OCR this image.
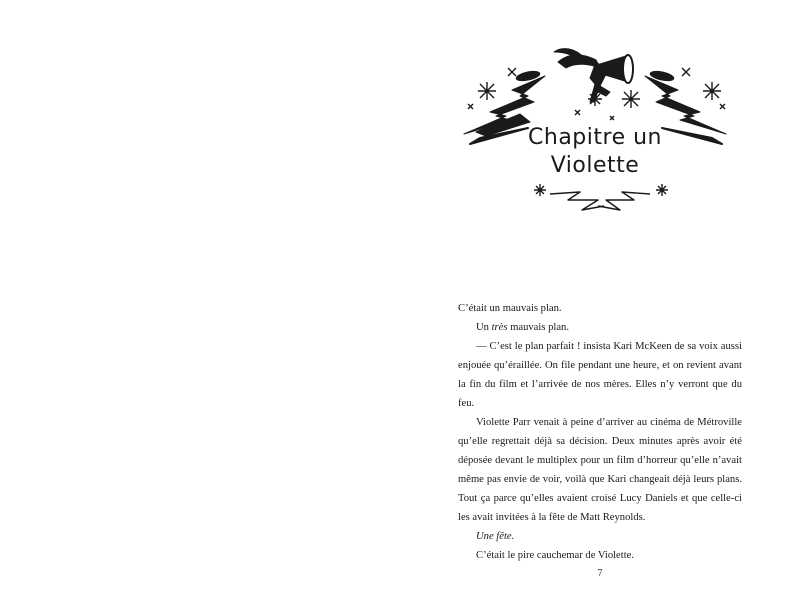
Chapitre un
Violette

C’était un mauvais plan.

Un très mauvais plan.

— C’est le plan parfait ! insista Kari McKeen de sa voix aussi enjouée qu’éraillée. On file pendant une heure, et on revient avant la fin du film et l’arrivée de nos mères. Elles n’y verront que du feu.

Violette Parr venait à peine d’arriver au cinéma de Métroville qu’elle regrettait déjà sa décision. Deux minutes après avoir été déposée devant le multiplex pour un film d’horreur qu’elle n’avait même pas envie de voir, voilà que Kari changeait déjà leurs plans. Tout ça parce qu’elles avaient croisé Lucy Daniels et que celle-ci les avait invitées à la fête de Matt Reynolds.

Une fête.

C’était le pire cauchemar de Violette.

7
